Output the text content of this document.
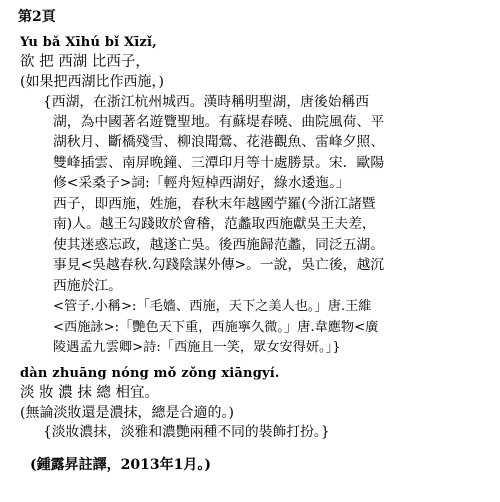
第2頁
Yu bǎ Xīhú bǐ Xīzǐ,
欲 把 西湖 比西子，
(如果把西湖比作西施，)
{西湖，在浙江杭州城西。漢時稱明聖湖，唐後始稱西
湖，為中國著名遊覽聖地。有蘇堤春曉、曲院風荷、平
湖秋月、斷橋殘雪、柳浪聞鶯、花港觀魚、雷峰夕照、
雙峰插雲、南屏晚鐘、三潭印月等十處勝景。宋．歐陽
修<采桑子>詞:「輕舟短棹西湖好，綠水逶迤。」
西子，即西施，姓施，春秋末年越國苧羅(今浙江諸暨
南)人。越王勾踐敗於會稽，范蠡取西施獻吳王夫差，
使其迷惑忘政，越遂亡吳。後西施歸范蠡，同泛五湖。
事見<吳越春秋.勾踐陰謀外傳>。一說，吳亡後，越沉
西施於江。
<管子.小稱>:「毛嬙、西施，天下之美人也。」唐.王維
<西施詠>:「艷色天下重，西施寧久微。」唐.韋應物<廣
陵遇孟九雲卿>詩:「西施且一笑，眾女安得妍。」}
dàn zhuāng nóng mǒ zǒng xiāngyí.
淡 妝 濃 抹 總 相宜。
(無論淡妝還是濃抹，總是合適的。)
{淡妝濃抹，淡雅和濃艷兩種不同的裝飾打扮。}
(鍾露昇註譯，2013年1月。)
